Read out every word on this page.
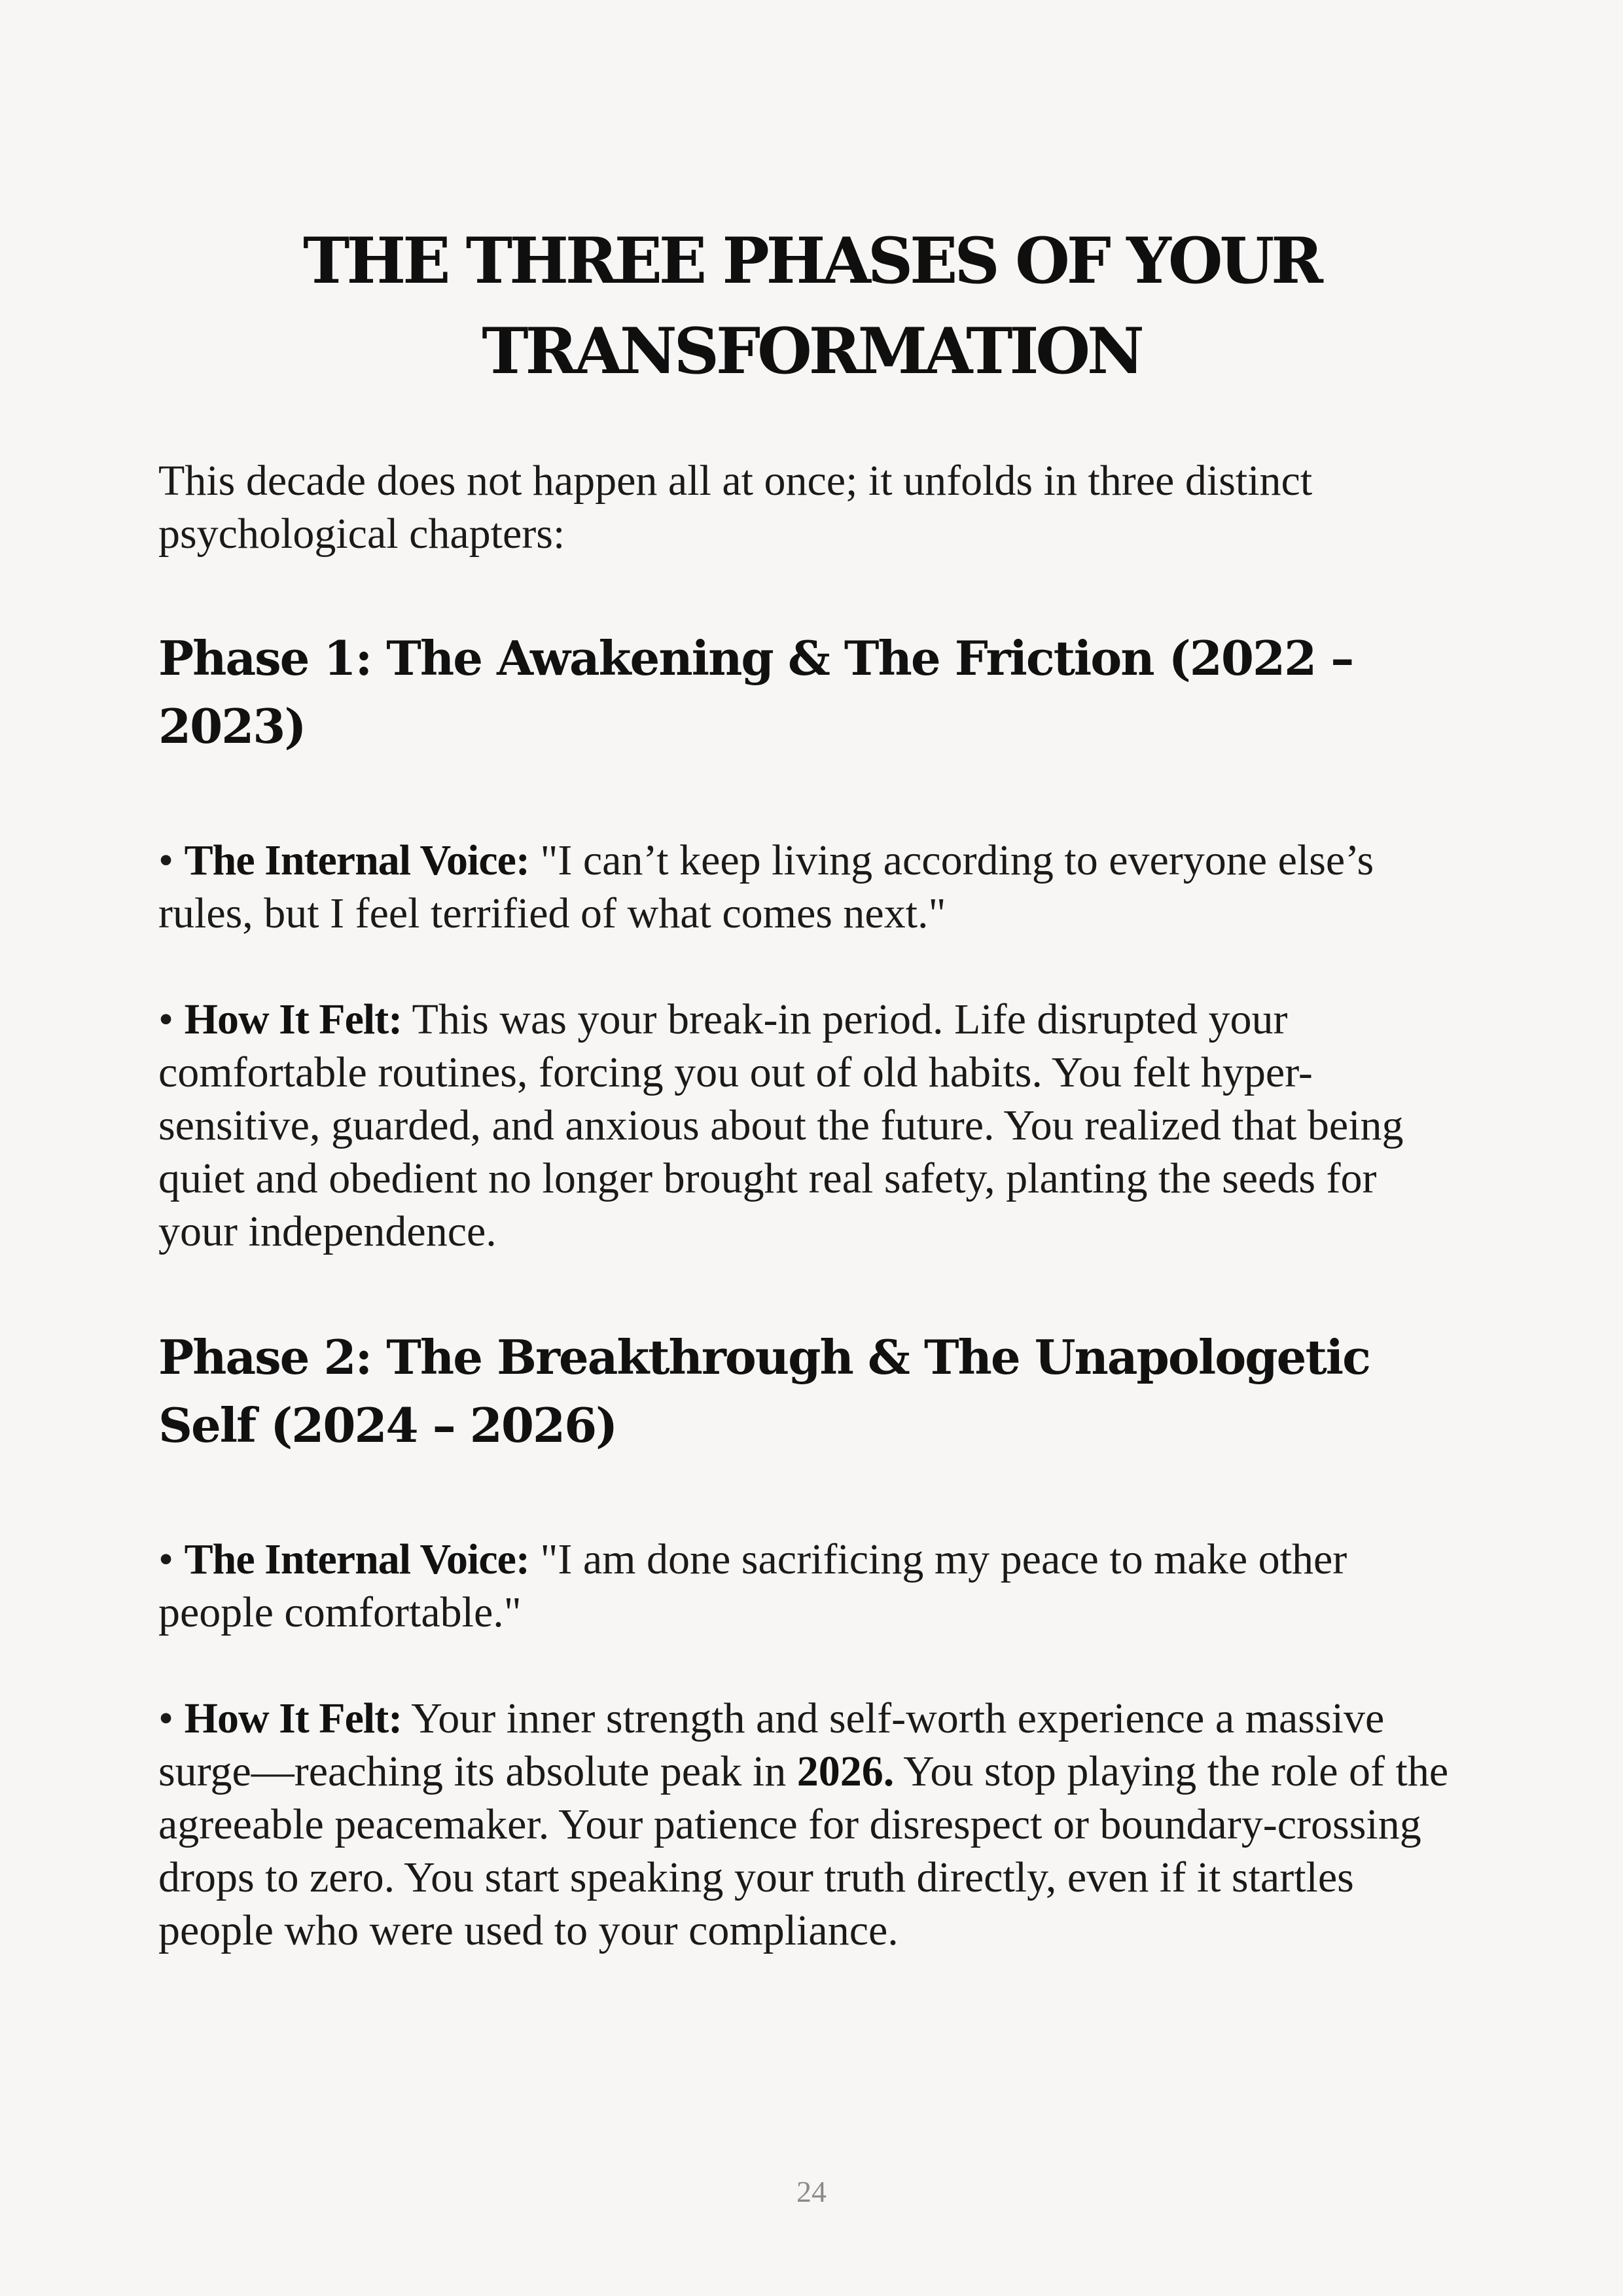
THE THREE PHASES OF YOUR
TRANSFORMATION

This decade does not happen all at once; it unfolds in three distinct psychological chapters:

Phase 1: The Awakening & The Friction (2022 – 2023)

• The Internal Voice: "I can’t keep living according to everyone else’s rules, but I feel terrified of what comes next."

• How It Felt: This was your break-in period. Life disrupted your comfortable routines, forcing you out of old habits. You felt hyper-sensitive, guarded, and anxious about the future. You realized that being quiet and obedient no longer brought real safety, planting the seeds for your independence.

Phase 2: The Breakthrough & The Unapologetic Self (2024 – 2026)

• The Internal Voice: "I am done sacrificing my peace to make other people comfortable."

• How It Felt: Your inner strength and self-worth experience a massive surge—reaching its absolute peak in 2026. You stop playing the role of the agreeable peacemaker. Your patience for disrespect or boundary-crossing drops to zero. You start speaking your truth directly, even if it startles people who were used to your compliance.

24
